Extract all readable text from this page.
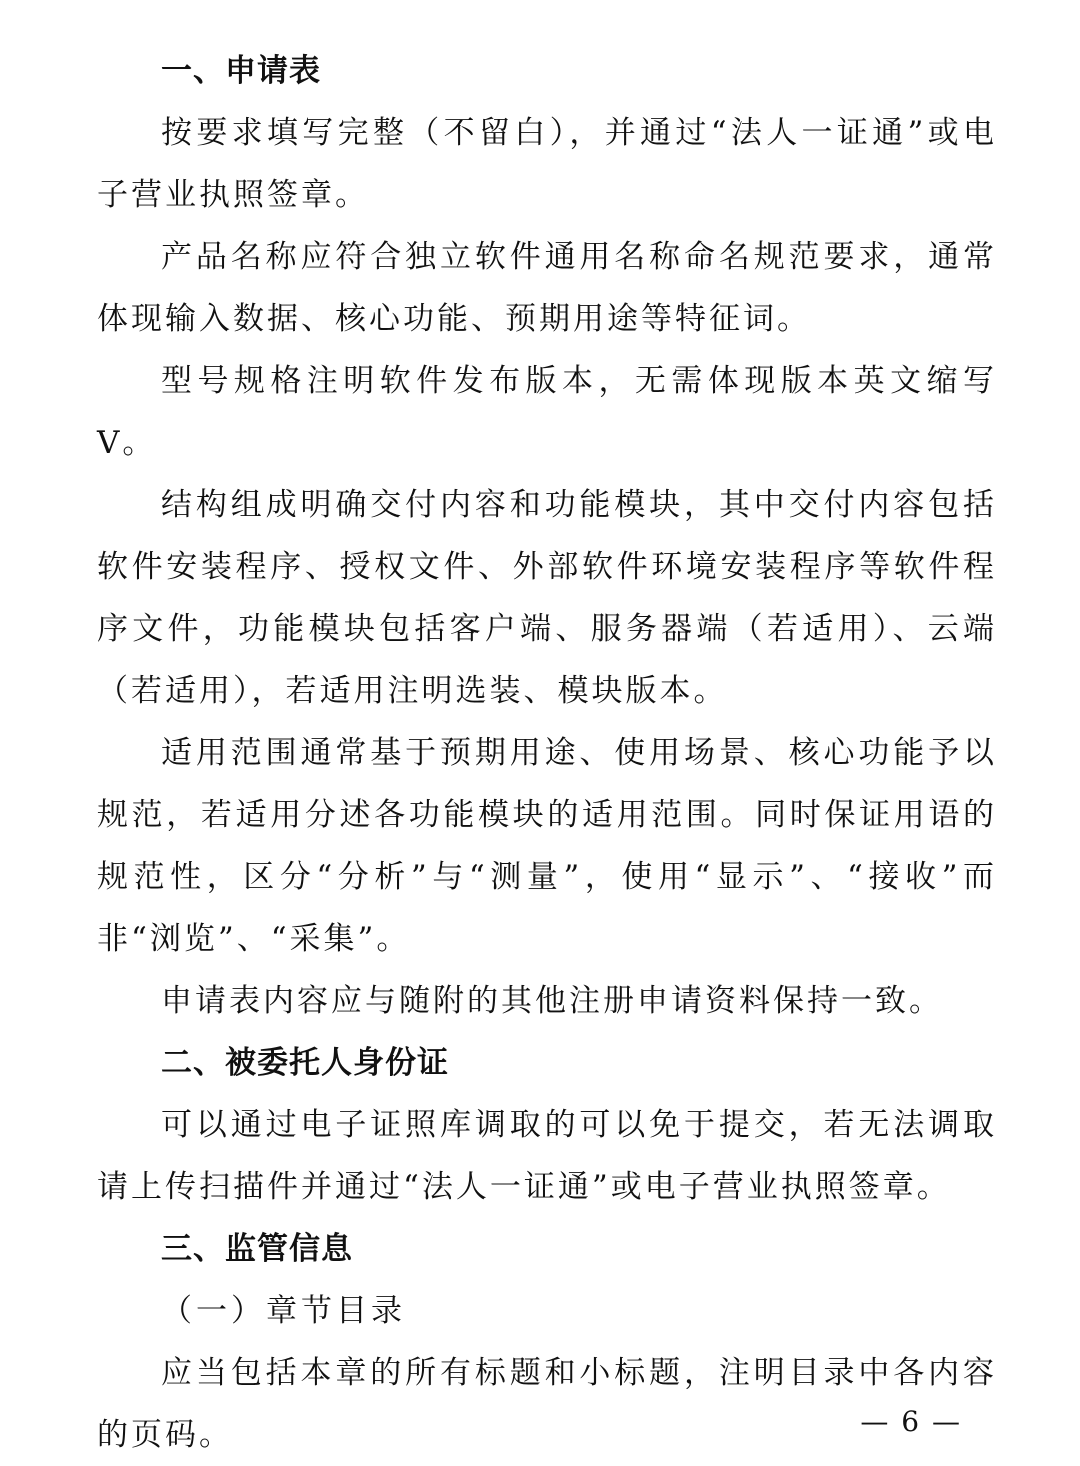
一、申请表

按要求填写完整（不留白），并通过“法人一证通”或电子营业执照签章。

产品名称应符合独立软件通用名称命名规范要求，通常体现输入数据、核心功能、预期用途等特征词。

型号规格注明软件发布版本，无需体现版本英文缩写V。

结构组成明确交付内容和功能模块，其中交付内容包括软件安装程序、授权文件、外部软件环境安装程序等软件程序文件，功能模块包括客户端、服务器端（若适用）、云端（若适用），若适用注明选装、模块版本。

适用范围通常基于预期用途、使用场景、核心功能予以规范，若适用分述各功能模块的适用范围。同时保证用语的规范性，区分“分析”与“测量”，使用“显示”、“接收”而非“浏览”、“采集”。

申请表内容应与随附的其他注册申请资料保持一致。

二、被委托人身份证

可以通过电子证照库调取的可以免于提交，若无法调取请上传扫描件并通过“法人一证通”或电子营业执照签章。

三、监管信息
（一）章节目录

应当包括本章的所有标题和小标题，注明目录中各内容的页码。	— 6 —
